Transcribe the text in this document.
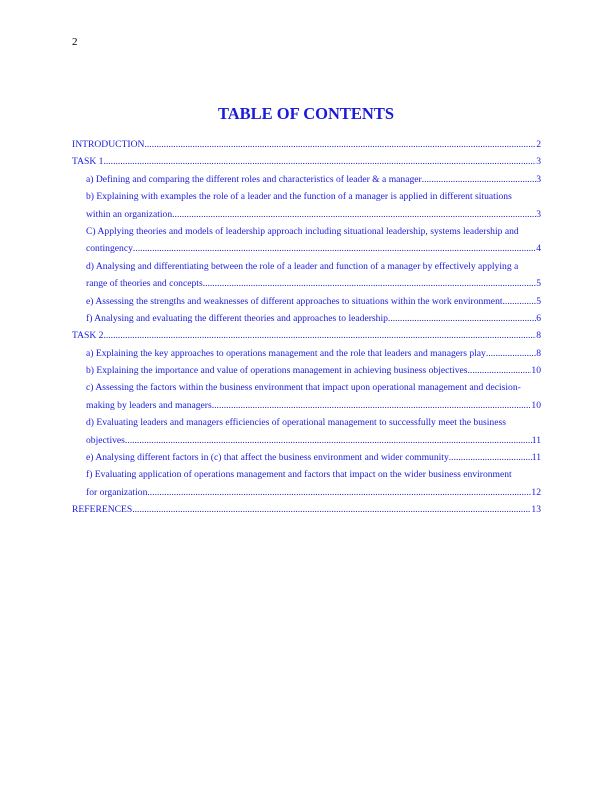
2
TABLE OF CONTENTS
INTRODUCTION .....	2
TASK 1 .....	3
a) Defining and comparing the different roles and characteristics of leader & a manager .....	3
b) Explaining with examples the role of a leader and the function of a manager is applied in different situations
within an organization .....	3
C) Applying theories and models of leadership approach including situational leadership, systems leadership and
contingency .....	4
d) Analysing and differentiating between the role of a leader and function of a manager by effectively applying a
range of theories and concepts .....	5
e) Assessing the strengths and weaknesses of different approaches to situations within the work environment .....	5
f) Analysing and evaluating the different theories and approaches to leadership .....	6
TASK 2 .....	8
a) Explaining the key approaches to operations management and the role that leaders and managers play .....	8
b) Explaining the importance and value of operations management in achieving business objectives .....	10
c) Assessing the factors within the business environment that impact upon operational management and decision-
making by leaders and managers .....	10
d) Evaluating leaders and managers efficiencies of operational management to successfully meet the business
objectives .....	11
e) Analysing different factors in (c) that affect the business environment and wider community .....	11
f) Evaluating application of operations management and factors that impact on the wider business environment
for organization .....	12
REFERENCES .....	13
